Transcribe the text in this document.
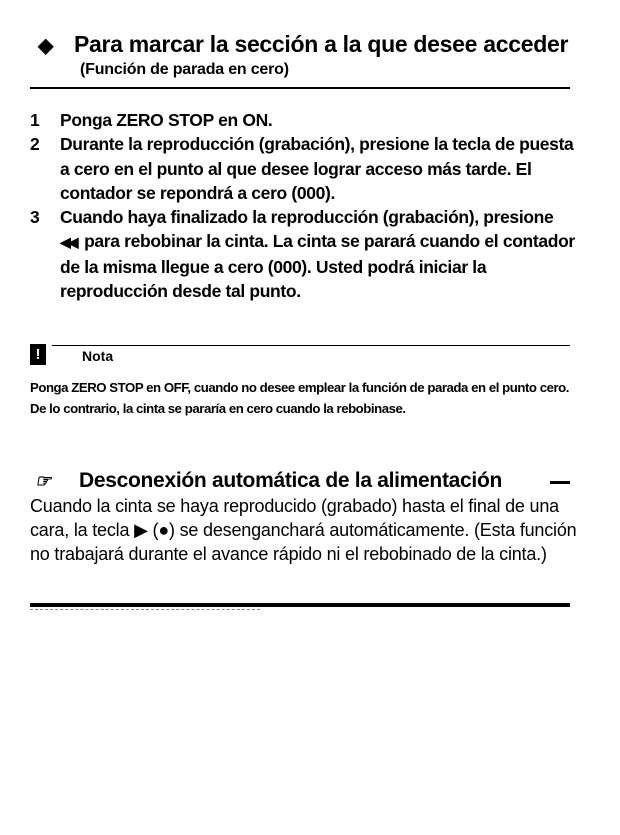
◆ Para marcar la sección a la que desee acceder
(Función de parada en cero)
1 Ponga ZERO STOP en ON.
2 Durante la reproducción (grabación), presione la tecla de puesta a cero en el punto al que desee lograr acceso más tarde. El contador se repondrá a cero (000).
3 Cuando haya finalizado la reproducción (grabación), presione ◀◀ para rebobinar la cinta. La cinta se parará cuando el contador de la misma llegue a cero (000). Usted podrá iniciar la reproducción desde tal punto.
!	Nota
Ponga ZERO STOP en OFF, cuando no desee emplear la función de parada en el punto cero. De lo contrario, la cinta se pararía en cero cuando la rebobinase.
☞ Desconexión automática de la alimentación
Cuando la cinta se haya reproducido (grabado) hasta el final de una cara, la tecla ▶ (●) se desenganchará automáticamente. (Esta función no trabajará durante el avance rápido ni el rebobinado de la cinta.)
